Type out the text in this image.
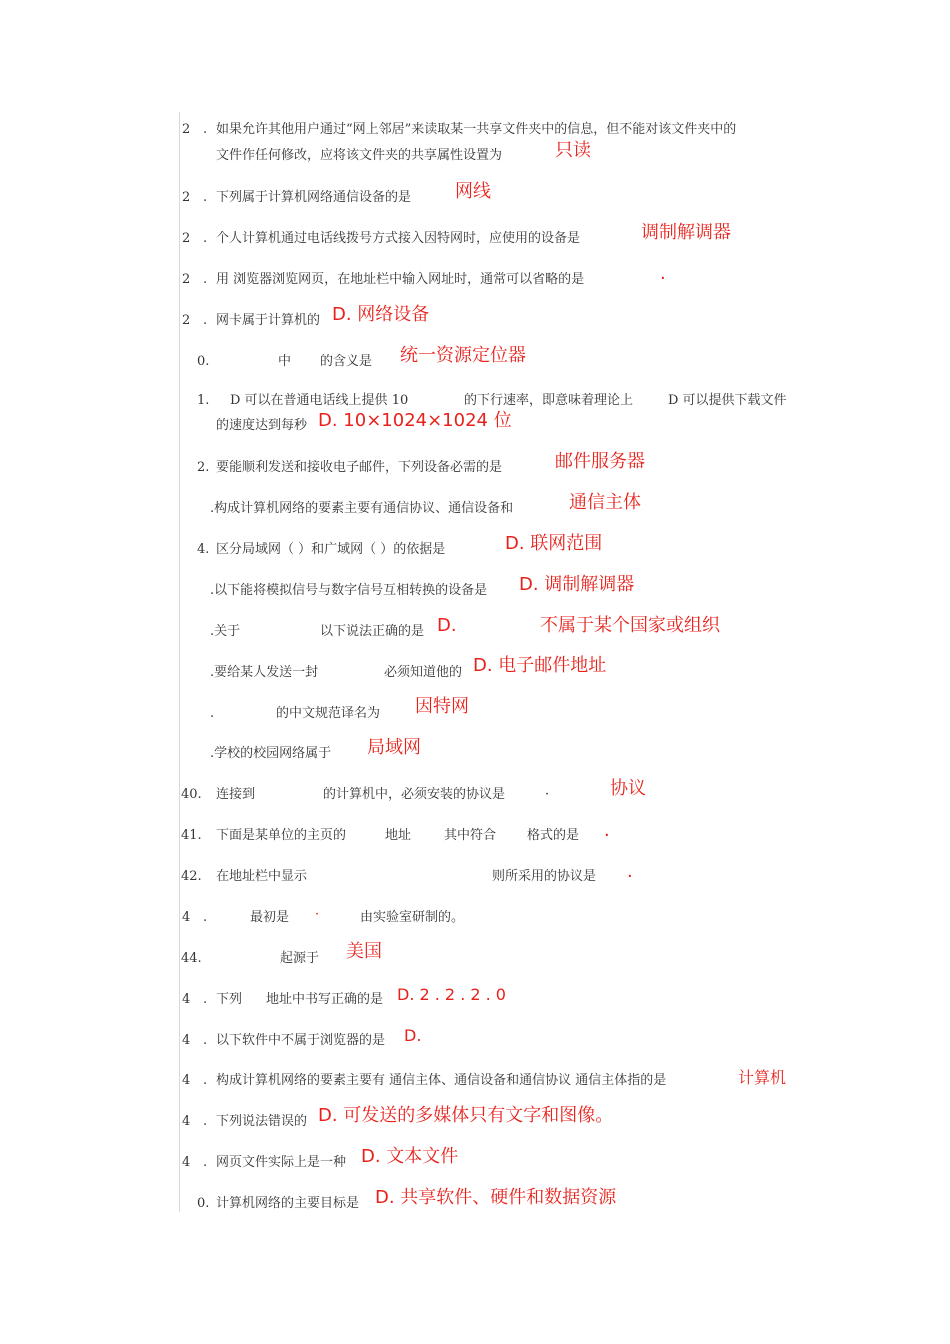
2 . 如果允许其他用户通过“网上邻居”来读取某一共享文件夹中的信息，但不能对该文件夹中的
文件作任何修改，应将该文件夹的共享属性设置为	只读
2 . 下列属于计算机网络通信设备的是 网线
2 . 个人计算机通过电话线拨号方式接入因特网时，应使用的设备是	调制解调器
2 . 用 浏览器浏览网页，在地址栏中输入网址时，通常可以省略的是	·
2 . 网卡属于计算机的 D. 网络设备
0.	中 的含义是 统一资源定位器
1. D 可以在普通电话线上提供 10	的下行速率，即意味着理论上	D 可以提供下载文件
的速度达到每秒 D. 10×1024×1024 位
2. 要能顺利发送和接收电子邮件，下列设备必需的是	邮件服务器
.构成计算机网络的要素主要有通信协议、通信设备和	通信主体
4. 区分局域网（ ）和广域网（ ）的依据是	D. 联网范围
.以下能将模拟信号与数字信号互相转换的设备是 D. 调制解调器
.关于	以下说法正确的是 D.	不属于某个国家或组织
.要给某人发送一封	必须知道他的 D. 电子邮件地址
.	的中文规范译名为 因特网
.学校的校园网络属于 局域网
40. 连接到	的计算机中，必须安装的协议是	·	协议
41. 下面是某单位的主页的	地址	其中符合 格式的是 ·
42. 在地址栏中显示	则所采用的协议是 ·
4 .	最初是 ·	由实验室研制的。
44.	起源于 美国
4 . 下列 地址中书写正确的是 D. 2 . 2 . 2 . 0
4 . 以下软件中不属于浏览器的是 D.
4 . 构成计算机网络的要素主要有 通信主体、通信设备和通信协议 通信主体指的是	计算机
4 . 下列说法错误的 D. 可发送的多媒体只有文字和图像。
4 . 网页文件实际上是一种 D. 文本文件
0. 计算机网络的主要目标是 D. 共享软件、硬件和数据资源
